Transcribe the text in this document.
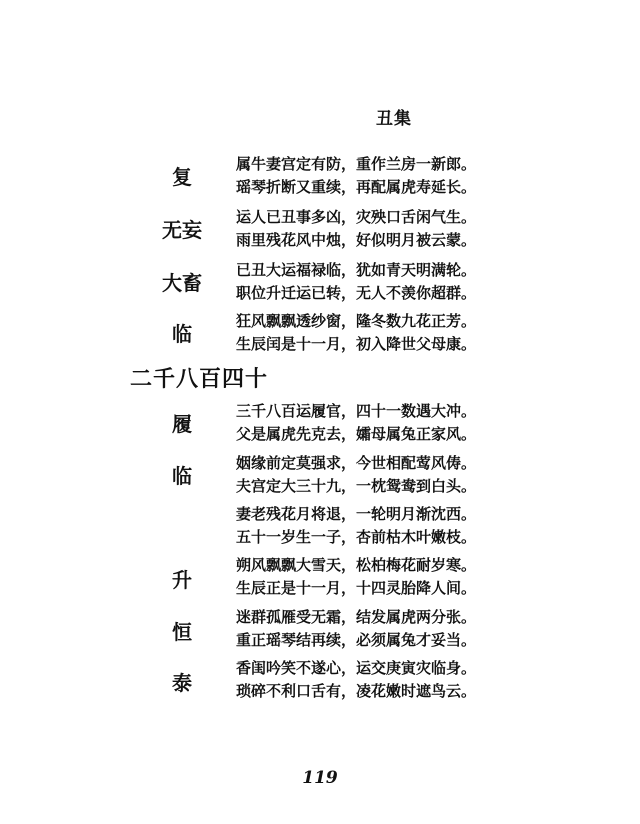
丑集
复
属牛妻宫定有防，重作兰房一新郎。
瑶琴折断又重续，再配属虎寿延长。
无妄
运人已丑事多凶，灾殃口舌闲气生。
雨里残花风中烛，好似明月被云蒙。
大畜
已丑大运福禄临，犹如青天明满轮。
职位升迁运已转，无人不羡你超群。
临
狂风飘飘透纱窗，隆冬数九花正芳。
生辰闰是十一月，初入降世父母康。
二千八百四十
履
三千八百运履官，四十一数遇大冲。
父是属虎先克去，孀母属兔正家风。
临
姻缘前定莫强求，今世相配莺风俦。
夫宫定大三十九，一枕鸳鸯到白头。
妻老残花月将退，一轮明月渐沈西。
五十一岁生一子，杏前枯木叶嫩枝。
升
朔风飘飘大雪天，松柏梅花耐岁寒。
生辰正是十一月，十四灵胎降人间。
恒
迷群孤雁受无霜，结发属虎两分张。
重正瑶琴结再续，必须属兔才妥当。
泰
香闺吟笑不遂心，运交庚寅灾临身。
琐碎不利口舌有，凌花嫩时遮鸟云。
119
